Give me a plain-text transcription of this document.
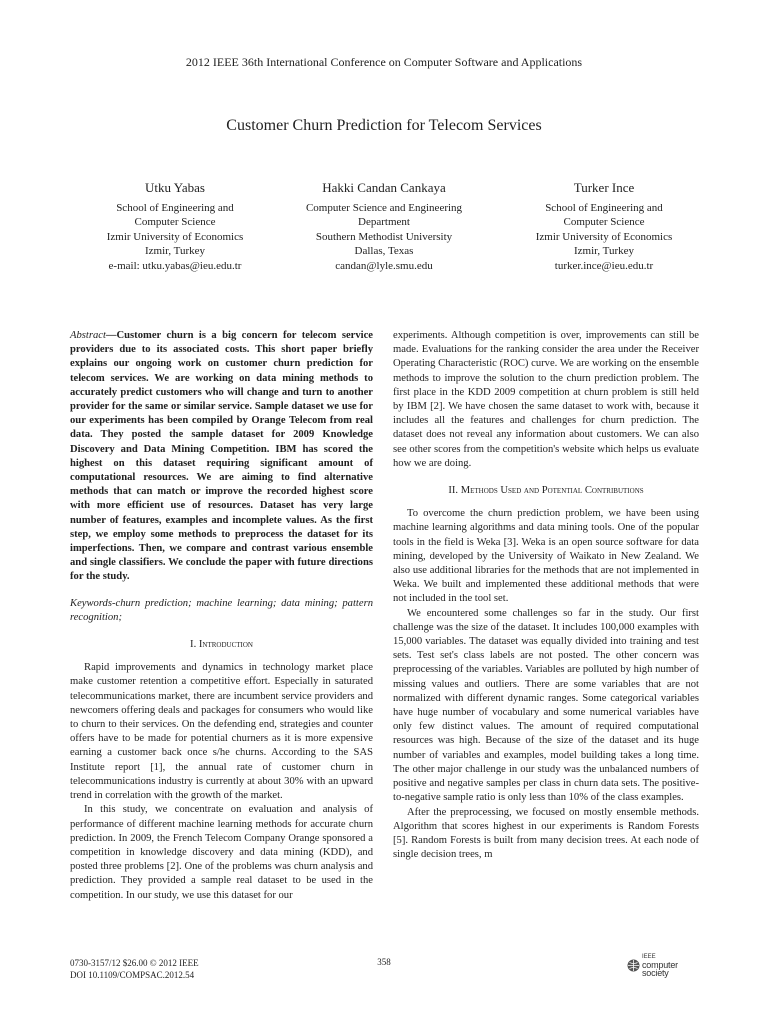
2012 IEEE 36th International Conference on Computer Software and Applications
Customer Churn Prediction for Telecom Services
Utku Yabas
School of Engineering and
Computer Science
Izmir University of Economics
Izmir, Turkey
e-mail: utku.yabas@ieu.edu.tr
Hakki Candan Cankaya
Computer Science and Engineering
Department
Southern Methodist University
Dallas, Texas
candan@lyle.smu.edu
Turker Ince
School of Engineering and
Computer Science
Izmir University of Economics
Izmir, Turkey
turker.ince@ieu.edu.tr

Abstract—Customer churn is a big concern for telecom service providers due to its associated costs. This short paper briefly explains our ongoing work on customer churn prediction for telecom services. We are working on data mining methods to accurately predict customers who will change and turn to another provider for the same or similar service. Sample dataset we use for our experiments has been compiled by Orange Telecom from real data. They posted the sample dataset for 2009 Knowledge Discovery and Data Mining Competition. IBM has scored the highest on this dataset requiring significant amount of computational resources. We are aiming to find alternative methods that can match or improve the recorded highest score with more efficient use of resources. Dataset has very large number of features, examples and incomplete values. As the first step, we employ some methods to preprocess the dataset for its imperfections. Then, we compare and contrast various ensemble and single classifiers. We conclude the paper with future directions for the study.

Keywords-churn prediction; machine learning; data mining; pattern recognition;

I. Introduction

Rapid improvements and dynamics in technology market place make customer retention a competitive effort. Especially in saturated telecommunications market, there are incumbent service providers and newcomers offering deals and packages for consumers who would like to churn to their services. On the defending end, strategies and counter offers have to be made for potential churners as it is more expensive earning a customer back once s/he churns. According to the SAS Institute report [1], the annual rate of customer churn in telecommunications industry is currently at about 30% with an upward trend in correlation with the growth of the market.

In this study, we concentrate on evaluation and analysis of performance of different machine learning methods for accurate churn prediction. In 2009, the French Telecom Company Orange sponsored a competition in knowledge discovery and data mining (KDD), and posted three problems [2]. One of the problems was churn analysis and prediction. They provided a sample real dataset to be used in the competition. In our study, we use this dataset for our

experiments. Although competition is over, improvements can still be made. Evaluations for the ranking consider the area under the Receiver Operating Characteristic (ROC) curve. We are working on the ensemble methods to improve the solution to the churn prediction problem. The first place in the KDD 2009 competition at churn problem is still held by IBM [2]. We have chosen the same dataset to work with, because it includes all the features and challenges for churn prediction. The dataset does not reveal any information about customers. We can also see other scores from the competition's website which helps us evaluate how we are doing.

II. Methods Used and Potential Contributions

To overcome the churn prediction problem, we have been using machine learning algorithms and data mining tools. One of the popular tools in the field is Weka [3]. Weka is an open source software for data mining, developed by the University of Waikato in New Zealand. We also use additional libraries for the methods that are not implemented in Weka. We built and implemented these additional methods that were not included in the tool set.

We encountered some challenges so far in the study. Our first challenge was the size of the dataset. It includes 100,000 examples with 15,000 variables. The dataset was equally divided into training and test sets. Test set's class labels are not posted. The other concern was preprocessing of the variables. Variables are polluted by high number of missing values and outliers. There are some variables that are not normalized with different dynamic ranges. Some categorical variables have huge number of vocabulary and some numerical variables have only few distinct values. The amount of required computational resources was high. Because of the size of the dataset and its huge number of variables and examples, model building takes a long time. The other major challenge in our study was the unbalanced numbers of positive and negative samples per class in churn data sets. The positive-to-negative sample ratio is only less than 10% of the class examples.

After the preprocessing, we focused on mostly ensemble methods. Algorithm that scores highest in our experiments is Random Forests [5]. Random Forests is built from many decision trees. At each node of single decision trees, m

0730-3157/12 $26.00 © 2012 IEEE
DOI 10.1109/COMPSAC.2012.54
358	IEEE
computer
society
